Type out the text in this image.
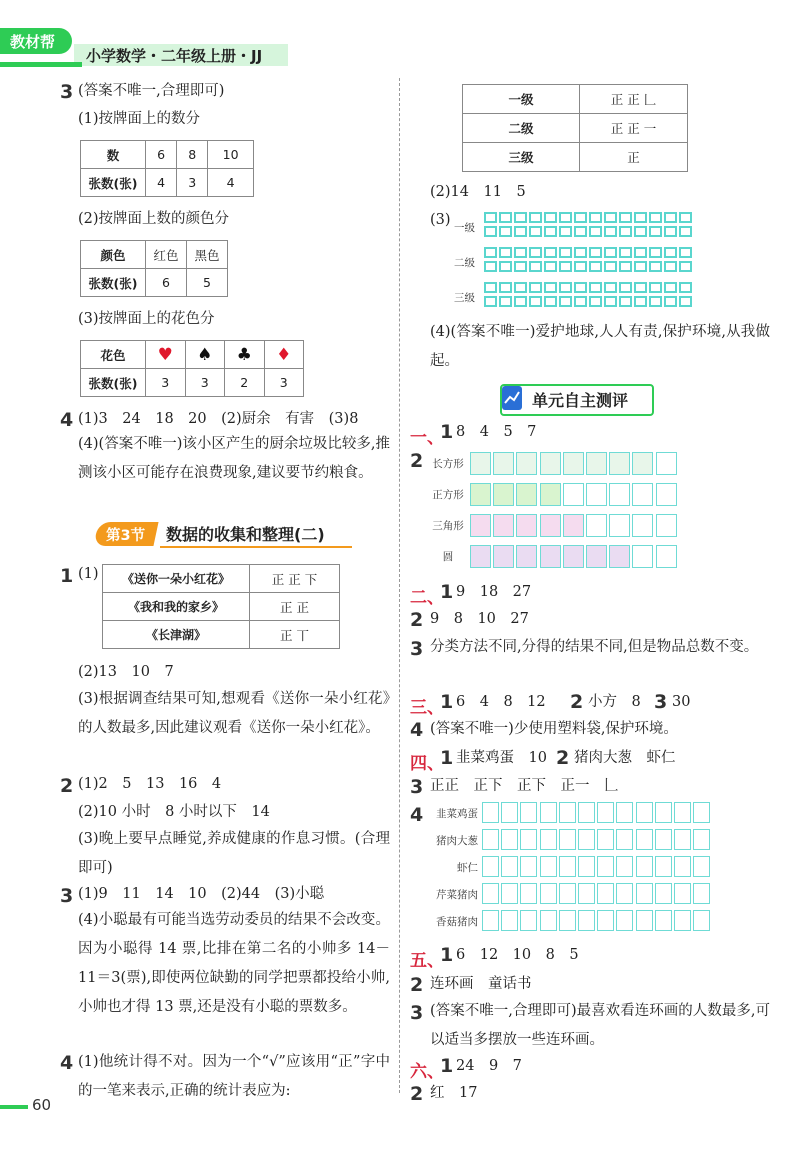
教材帮
小学数学・二年级上册・JJ
3 (答案不唯一,合理即可)
(1)按牌面上的数分
数	6	8	10
张数(张)	4	3	4
(2)按牌面上数的颜色分
颜色	红色	黑色
张数(张)	6	5
(3)按牌面上的花色分
花色	♥	♠	♣	♦
张数(张)	3	3	2	3
4 (1)3　24　18　20　(2)厨余　有害　(3)8
(4)(答案不唯一)该小区产生的厨余垃圾比较多,推测该小区可能存在浪费现象,建议要节约粮食。
第3节 数据的收集和整理(二)
1 (1) 《送你一朵小红花》	正 正 下
《我和我的家乡》	正 正
《长津湖》	正 丅
(2)13　10　7
(3)根据调查结果可知,想观看《送你一朵小红花》的人数最多,因此建议观看《送你一朵小红花》。
2 (1)2　5　13　16　4
(2)10 小时　8 小时以下　14
(3)晚上要早点睡觉,养成健康的作息习惯。(合理即可)
3 (1)9　11　14　10　(2)44　(3)小聪
(4)小聪最有可能当选劳动委员的结果不会改变。因为小聪得 14 票,比排在第二名的小帅多 14－11＝3(票),即使两位缺勤的同学把票都投给小帅,小帅也才得 13 票,还是没有小聪的票数多。
4 (1)他统计得不对。因为一个“√”应该用“正”字中的一笔来表示,正确的统计表应为:
60
一级	正 正 𠃊
二级	正 正 一
三级	正
(2)14　11　5
(3) 一级
二级
三级
(4)(答案不唯一)爱护地球,人人有责,保护环境,从我做起。
单元自主测评
一、
1 8　4　5　7
2 长方形
正方形
三角形
圆
二、
1 9　18　27
2 9　8　10　27
3 分类方法不同,分得的结果不同,但是物品总数不变。
三、
1 6　4　8　12 2 小方　8 3 30
4 (答案不唯一)少使用塑料袋,保护环境。
四、
1 韭菜鸡蛋　10 2 猪肉大葱　虾仁
3 正正　正下　正下　正一　𠃊
4	韭菜鸡蛋
猪肉大葱
虾仁
芹菜猪肉
香菇猪肉
五、
1 6　12　10　8　5
2 连环画　童话书
3 (答案不唯一,合理即可)最喜欢看连环画的人数最多,可以适当多摆放一些连环画。
六、
1 24　9　7
2 红　17
